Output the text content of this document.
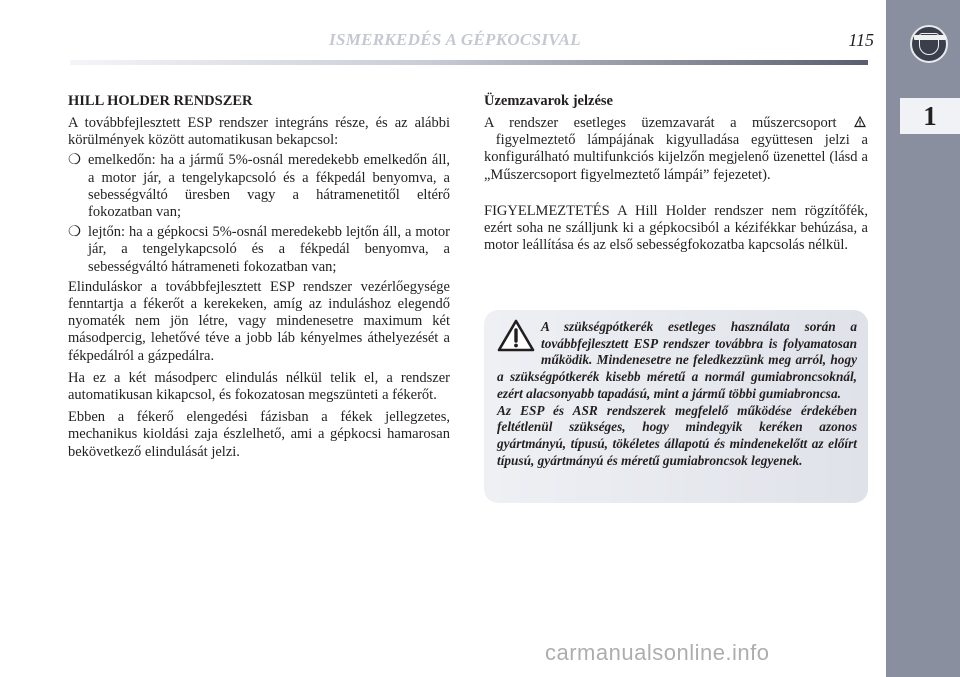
ISMERKEDÉS A GÉPKOCSIVAL	115
1
HILL HOLDER RENDSZER

A továbbfejlesztett ESP rendszer integráns része, és az alábbi körülmények között automatikusan bekapcsol:

❍ emelkedőn: ha a jármű 5%-osnál meredekebb emelkedőn áll, a motor jár, a tengelykapcsoló és a fékpedál benyomva, a sebességváltó üresben vagy a hátramenetitől eltérő fokozatban van;
❍ lejtőn: ha a gépkocsi 5%-osnál meredekebb lejtőn áll, a motor jár, a tengelykapcsoló és a fékpedál benyomva, a sebességváltó hátrameneti fokozatban van;

Elinduláskor a továbbfejlesztett ESP rendszer vezérlőegysége fenntartja a fékerőt a kerekeken, amíg az induláshoz elegendő nyomaték nem jön létre, vagy mindenesetre maximum két másodpercig, lehetővé téve a jobb láb kényelmes áthelyezését a fékpedálról a gázpedálra.

Ha ez a két másodperc elindulás nélkül telik el, a rendszer automatikusan kikapcsol, és fokozatosan megszünteti a fékerőt.

Ebben a fékerő elengedési fázisban a fékek jellegzetes, mechanikus kioldási zaja észlelhető, ami a gépkocsi hamarosan bekövetkező elindulását jelzi.

Üzemzavarok jelzése

A rendszer esetleges üzemzavarát a műszercsoport  figyelmeztető lámpájának kigyulladása együttesen jelzi a konfigurálható multifunkciós kijelzőn megjelenő üzenettel (lásd a „Műszercsoport figyelmeztető lámpái” fejezetet).

FIGYELMEZTETÉS A Hill Holder rendszer nem rögzítőfék, ezért soha ne szálljunk ki a gépkocsiból a kézifékkar behúzása, a motor leállítása és az első sebességfokozatba kapcsolás nélkül.

A szükségpótkerék esetleges használata során a továbbfejlesztett ESP rendszer továbbra is folyamatosan működik. Mindenesetre ne feledkezzünk meg arról, hogy a szükségpótkerék kisebb méretű a normál gumiabroncsoknál, ezért alacsonyabb tapadású, mint a jármű többi gumiabroncsa.
Az ESP és ASR rendszerek megfelelő működése érdekében feltétlenül szükséges, hogy mindegyik keréken azonos gyártmányú, típusú, tökéletes állapotú és mindenekelőtt az előírt típusú, gyártmányú és méretű gumiabroncsok legyenek.
carmanualsonline.info
